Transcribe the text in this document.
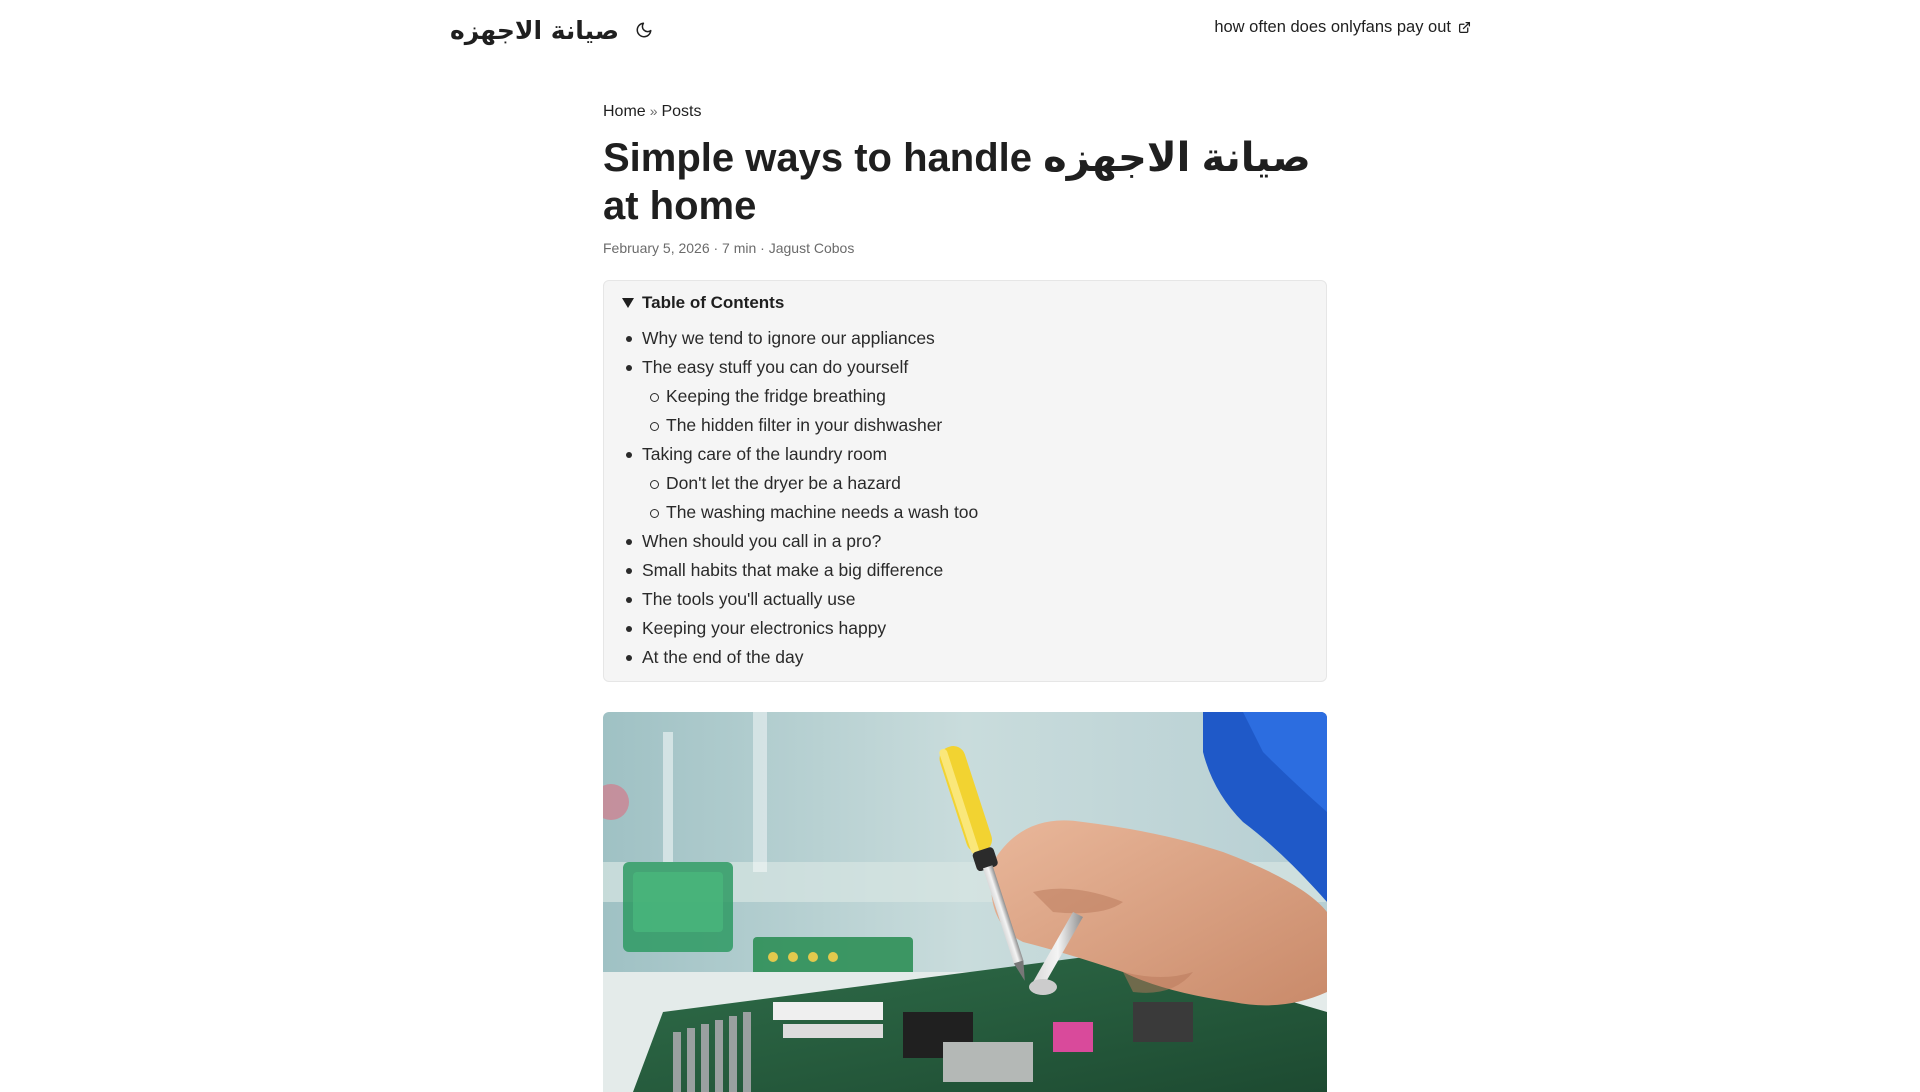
صيانة الاجهزه	how often does onlyfans pay out
Home » Posts
Simple ways to handle صيانة الاجهزه at home
February 5, 2026 · 7 min · Jagust Cobos
Table of Contents
Why we tend to ignore our appliances
The easy stuff you can do yourself
Keeping the fridge breathing
The hidden filter in your dishwasher
Taking care of the laundry room
Don't let the dryer be a hazard
The washing machine needs a wash too
When should you call in a pro?
Small habits that make a big difference
The tools you'll actually use
Keeping your electronics happy
At the end of the day
